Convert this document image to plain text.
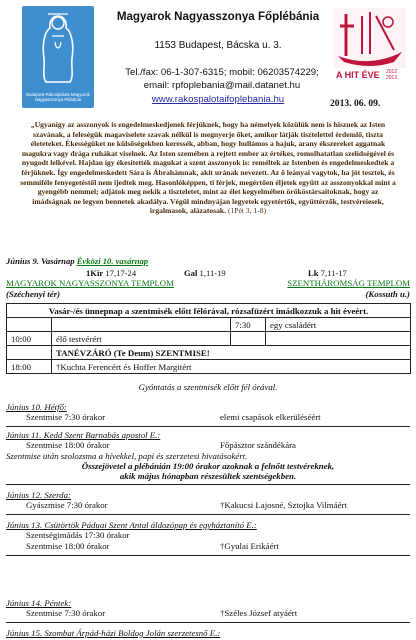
Budapest-Rákospalota Magyarok Nagyasszonya Plébánia
Magyarok Nagyasszonya Főplébánia
1153 Budapest, Bácska u. 3.
Tel./fax: 06-1-307-6315; mobil: 06203574229;
email: rpfoplebania@mail.datanet.hu
www.rakospalotaifoplebania.hu	2013. 06. 09.
A HIT ÉVE 2012 2013
„Ugyanígy az asszonyok is engedelmeskedjenek férjüknek, hogy ha némelyek közülük nem is hisznek az Isten szavának, a feleségük magaviselete szavak nélkül is megnyerje őket, amikor látják tisztelettel érdemlő, tiszta életeteket. Ékességüket ne külsőségekben keressék, abban, hogy hullámos a hajuk, arany ékszereket aggatnak magukra vagy drága ruhákat viselnek. Az Isten szemében a rejtett ember az értékes, romolhatatlan szelídségével és nyugodt lelkével. Hajdan így ékesítették magukat a szent asszonyok is: reméltek az Istenben és engedelmeskedtek a férjüknek. Így engedelmeskedett Sára is Ábrahámnak, akit urának nevezett. Az ő leányai vagytok, ha jót tesztek, és semmiféle fenyegetéstől nem ijedtek meg. Hasonlóképpen, ti férjek, megértően éljetek együtt az asszonyokkal mint a gyengébb nemmel; adjátok meg nekik a tiszteletet, mint az élet kegyelmében örököstársaitoknak, hogy az imádságnak ne legyen bennetek akadálya. Végül mindnyájan legyetek egyetértők, együttérzők, testvéreiesek, irgalmasok, alázatosak. (1Pét 3, 1-8)
Június 9. Vasárnap Évközi 10. vasárnap
1Kir 17,17-24	Gal 1,11-19	Lk 7,11-17
MAGYAROK NAGYASSZONYA TEMPLOM	SZENTHÁROMSÁG TEMPLOM
(Széchenyi tér)	(Kossuth u.)
Vasár-/és ünnepnap a szentmisék előtt félórával, rózsafüzért imádkozzuk a hit éveért.			
		7:30	egy családért
10:00	élő testvérért		
	TANÉVZÁRÓ (Te Deum) SZENTMISE!		
18:00	†Kuchta Ferencért és Hoffer Margitért		
Gyóntatás a szentmisék előtt fél órával.
Június 10. Hétfő:
Szentmise 7:30 órakor	elemi csapások elkerüléséért
Június 11. Kedd Szent Barnabás apostol E.:
Szentmise 18:00 órakor	Főpásztor szándékára
Szentmise után szolozsma a hívekkel, papi és szerzetesi hivatásokért.
Összejövetel a plébánián 19:00 órakor azoknak a felnőtt testvéreknek,
akik május hónapban részesültek szentségekben.
Június 12. Szerda:
Gyászmise 7:30 órakor	†Kakucsi Lajosné, Sztojka Vilmáért
Június 13. Csütörtök Páduai Szent Antal áldozópap és egyháztanító E.:
Szentségimádás 17:30 órakor
Szentmise 18:00 órakor	†Gyulai Erikáért
Június 14. Péntek:
Szentmise 7:30 órakor	†Széles József atyáért
Június 15. Szombat Árpád-házi Boldog Jolán szerzetesnő E.:
